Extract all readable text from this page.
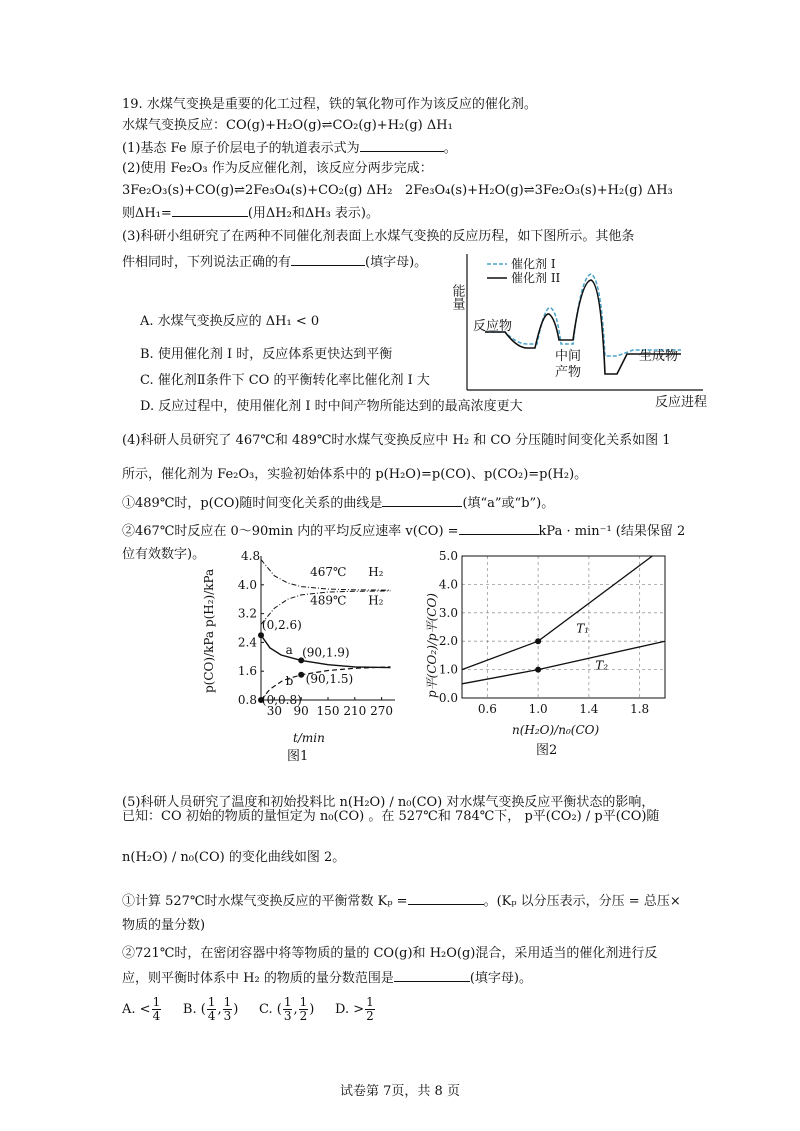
19. 水煤气变换是重要的化工过程，铁的氧化物可作为该反应的催化剂。
水煤气变换反应：CO(g)+H₂O(g)⇌CO₂(g)+H₂(g) ΔH₁
(1)基态 Fe 原子价层电子的轨道表示式为	。
(2)使用 Fe₂O₃ 作为反应催化剂，该反应分两步完成：
3Fe₂O₃(s)+CO(g)⇌2Fe₃O₄(s)+CO₂(g) ΔH₂ 2Fe₃O₄(s)+H₂O(g)⇌3Fe₂O₃(s)+H₂(g) ΔH₃
则ΔH₁=	(用ΔH₂和ΔH₃ 表示)。
(3)科研小组研究了在两种不同催化剂表面上水煤气变换的反应历程，如下图所示。其他条
件相同时，下列说法正确的有	(填字母)。
A. 水煤气变换反应的 ΔH₁ < 0
B. 使用催化剂 I 时，反应体系更快达到平衡
C. 催化剂Ⅱ条件下 CO 的平衡转化率比催化剂 I 大
D. 反应过程中，使用催化剂 I 时中间产物所能达到的最高浓度更大
(4)科研人员研究了 467℃和 489℃时水煤气变换反应中 H₂ 和 CO 分压随时间变化关系如图 1
所示，催化剂为 Fe₂O₃，实验初始体系中的 p(H₂O)=p(CO)、p(CO₂)=p(H₂)。
①489℃时，p(CO)随时间变化关系的曲线是	(填“a”或“b”)。
②467℃时反应在 0～90min 内的平均反应速率 v(CO) =	kPa · min⁻¹ (结果保留 2
位有效数字)。
(5)科研人员研究了温度和初始投料比 n(H₂O) / n₀(CO) 对水煤气变换反应平衡状态的影响，
已知：CO 初始的物质的量恒定为 n₀(CO) 。在 527℃和 784℃下， p平(CO₂) / p平(CO)随
n(H₂O) / n₀(CO) 的变化曲线如图 2。
①计算 527℃时水煤气变换反应的平衡常数 Kₚ =	。(Kₚ 以分压表示，分压 = 总压×
物质的量分数)
②721℃时，在密闭容器中将等物质的量的 CO(g)和 H₂O(g)混合，采用适当的催化剂进行反
应，则平衡时体系中 H₂ 的物质的量分数范围是	(填字母)。
A. < $\frac{1}{4} B$. ( $\frac{1}{4}$ , $\frac{1}{3}$ )     C. ( $\frac{1}{3}$ , $\frac{1}{2}$ )     D. > $\frac{1}{2}$
试卷第 7页，共 8 页
能量
反应进程
催化剂 I
催化剂 II
反应物
中间
产物
生成物
4.8
p(CO)/kPa p(H₂)/kPa
t/min
图1
30 90 150 210 270
0.8
1.6
2.4
3.2
4.0
467℃ H₂
489℃ H₂
a
b
(0,2.6)
(90,1.9)
(90,1.5)
(0,0.8)
p平(CO₂)/p平(CO)
n(H₂O)/n₀(CO)
图2
0.6	1.0	1.4	1.8
0.0
1.0
2.0
3.0
4.0
5.0
T₁
T₂
